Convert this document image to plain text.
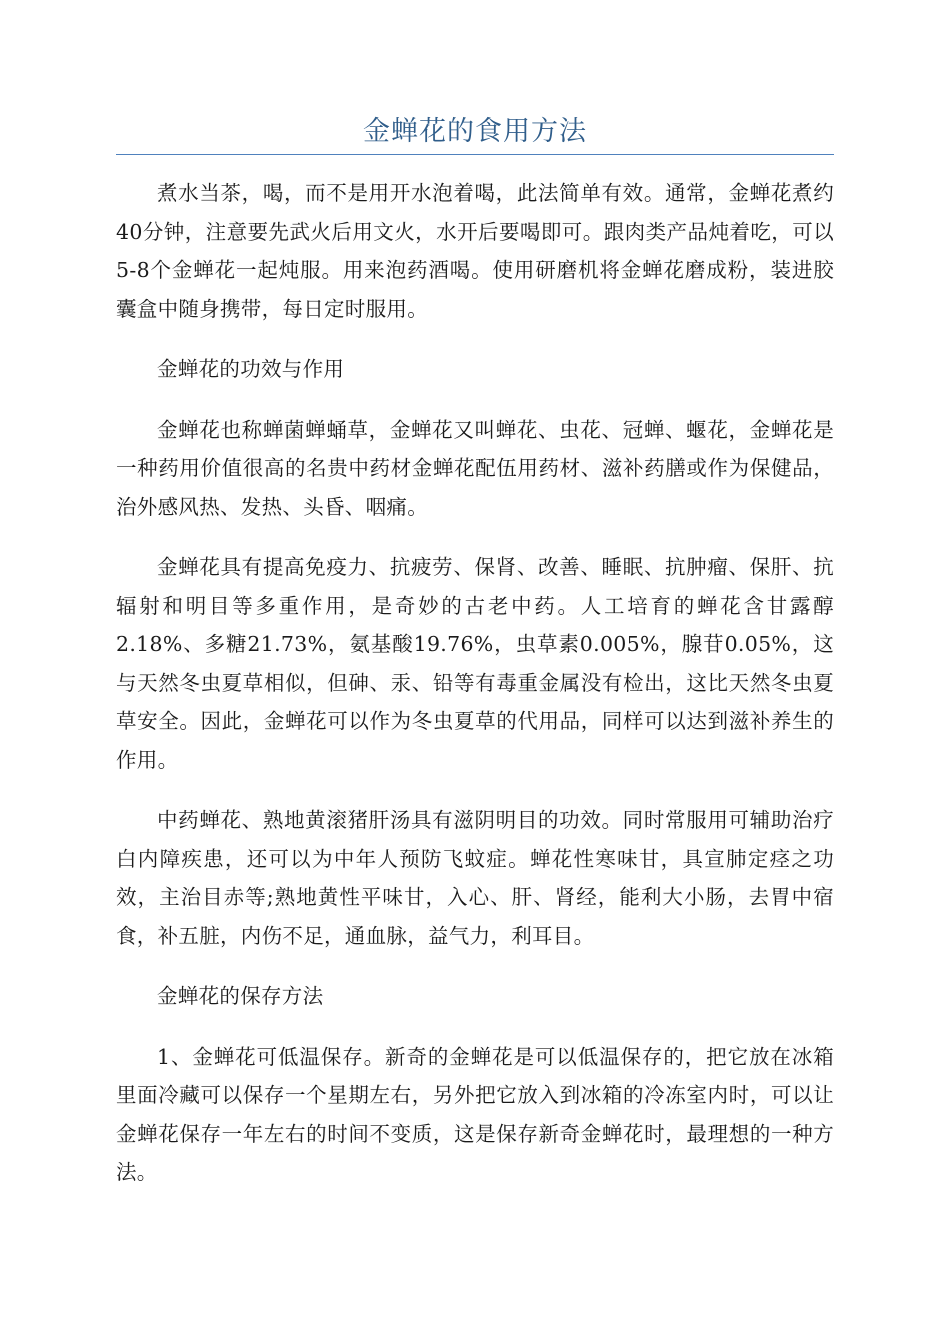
金蝉花的食用方法

煮水当茶，喝，而不是用开水泡着喝，此法简单有效。通常，金蝉花煮约40分钟，注意要先武火后用文火，水开后要喝即可。跟肉类产品炖着吃，可以5-8个金蝉花一起炖服。用来泡药酒喝。使用研磨机将金蝉花磨成粉，装进胶囊盒中随身携带，每日定时服用。

金蝉花的功效与作用

金蝉花也称蝉菌蝉蛹草，金蝉花又叫蝉花、虫花、冠蝉、蝘花，金蝉花是一种药用价值很高的名贵中药材金蝉花配伍用药材、滋补药膳或作为保健品，治外感风热、发热、头昏、咽痛。

金蝉花具有提高免疫力、抗疲劳、保肾、改善、睡眠、抗肿瘤、保肝、抗辐射和明目等多重作用，是奇妙的古老中药。人工培育的蝉花含甘露醇2.18%、多糖21.73%，氨基酸19.76%，虫草素0.005%，腺苷0.05%，这与天然冬虫夏草相似，但砷、汞、铅等有毒重金属没有检出，这比天然冬虫夏草安全。因此，金蝉花可以作为冬虫夏草的代用品，同样可以达到滋补养生的作用。

中药蝉花、熟地黄滚猪肝汤具有滋阴明目的功效。同时常服用可辅助治疗白内障疾患，还可以为中年人预防飞蚊症。蝉花性寒味甘，具宣肺定痉之功效，主治目赤等;熟地黄性平味甘，入心、肝、肾经，能利大小肠，去胃中宿食，补五脏，内伤不足，通血脉，益气力，利耳目。

金蝉花的保存方法

1、金蝉花可低温保存。新奇的金蝉花是可以低温保存的，把它放在冰箱里面冷藏可以保存一个星期左右，另外把它放入到冰箱的冷冻室内时，可以让金蝉花保存一年左右的时间不变质，这是保存新奇金蝉花时，最理想的一种方法。
